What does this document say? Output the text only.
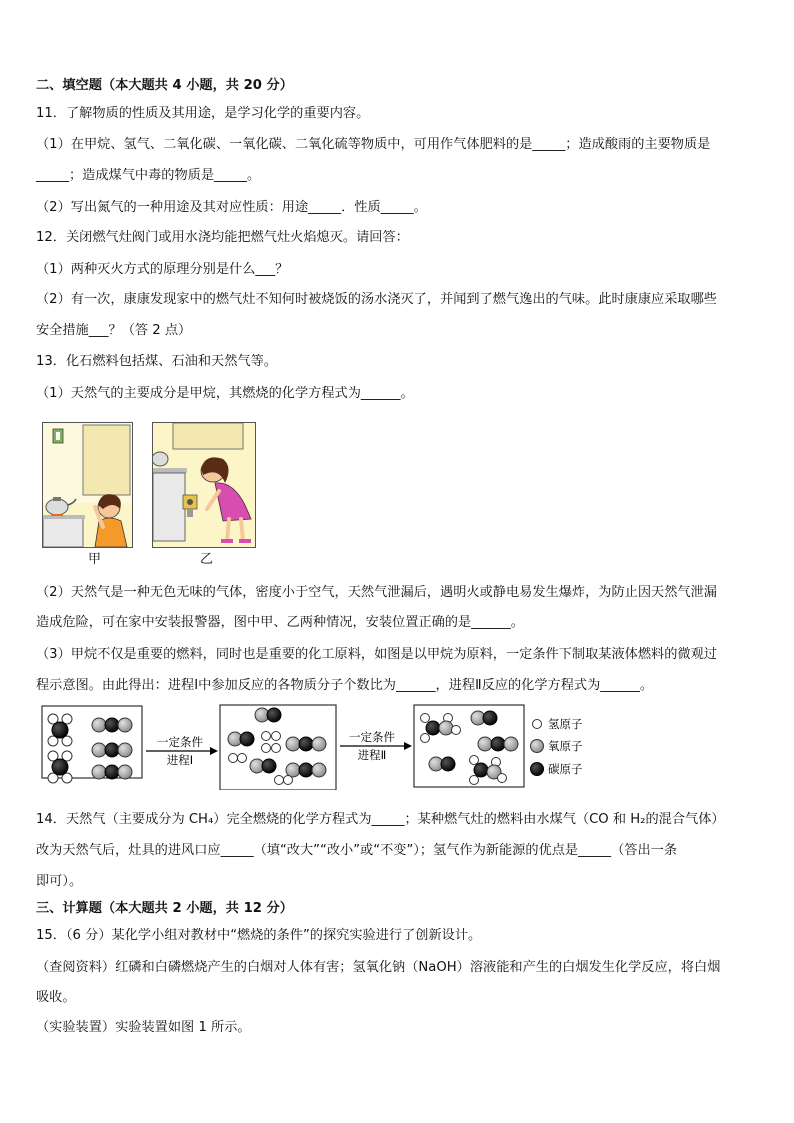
二、填空题（本大题共 4 小题，共 20 分）
11．了解物质的性质及其用途，是学习化学的重要内容。
（1）在甲烷、氢气、二氧化碳、一氧化碳、二氧化硫等物质中，可用作气体肥料的是_____；造成酸雨的主要物质是
_____；造成煤气中毒的物质是_____。
（2）写出氮气的一种用途及其对应性质：用途_____．性质_____。
12．关闭燃气灶阀门或用水浇均能把燃气灶火焰熄灭。请回答：
（1）两种灭火方式的原理分别是什么___？
（2）有一次，康康发现家中的燃气灶不知何时被烧饭的汤水浇灭了，并闻到了燃气逸出的气味。此时康康应采取哪些
安全措施___？（答 2 点）
13．化石燃料包括煤、石油和天然气等。
（1）天然气的主要成分是甲烷，其燃烧的化学方程式为______。
甲	乙
（2）天然气是一种无色无味的气体，密度小于空气，天然气泄漏后，遇明火或静电易发生爆炸，为防止因天然气泄漏
造成危险，可在家中安装报警器，图中甲、乙两种情况，安装位置正确的是______。
（3）甲烷不仅是重要的燃料，同时也是重要的化工原料，如图是以甲烷为原料，一定条件下制取某液体燃料的微观过
程示意图。由此得出：进程Ⅰ中参加反应的各物质分子个数比为______，进程Ⅱ反应的化学方程式为______。
一定条件
进程Ⅰ
一定条件
进程Ⅱ
氢原子
氧原子
碳原子
14．天然气（主要成分为 CH₄）完全燃烧的化学方程式为_____；某种燃气灶的燃料由水煤气（CO 和 H₂的混合气体）
改为天然气后，灶具的进风口应_____（填“改大”“改小”或“不变”）；氢气作为新能源的优点是_____（答出一条
即可）。
三、计算题（本大题共 2 小题，共 12 分）
15．（6 分）某化学小组对教材中“燃烧的条件”的探究实验进行了创新设计。
（查阅资料）红磷和白磷燃烧产生的白烟对人体有害；氢氧化钠（NaOH）溶液能和产生的白烟发生化学反应，将白烟
吸收。
（实验装置）实验装置如图 1 所示。
